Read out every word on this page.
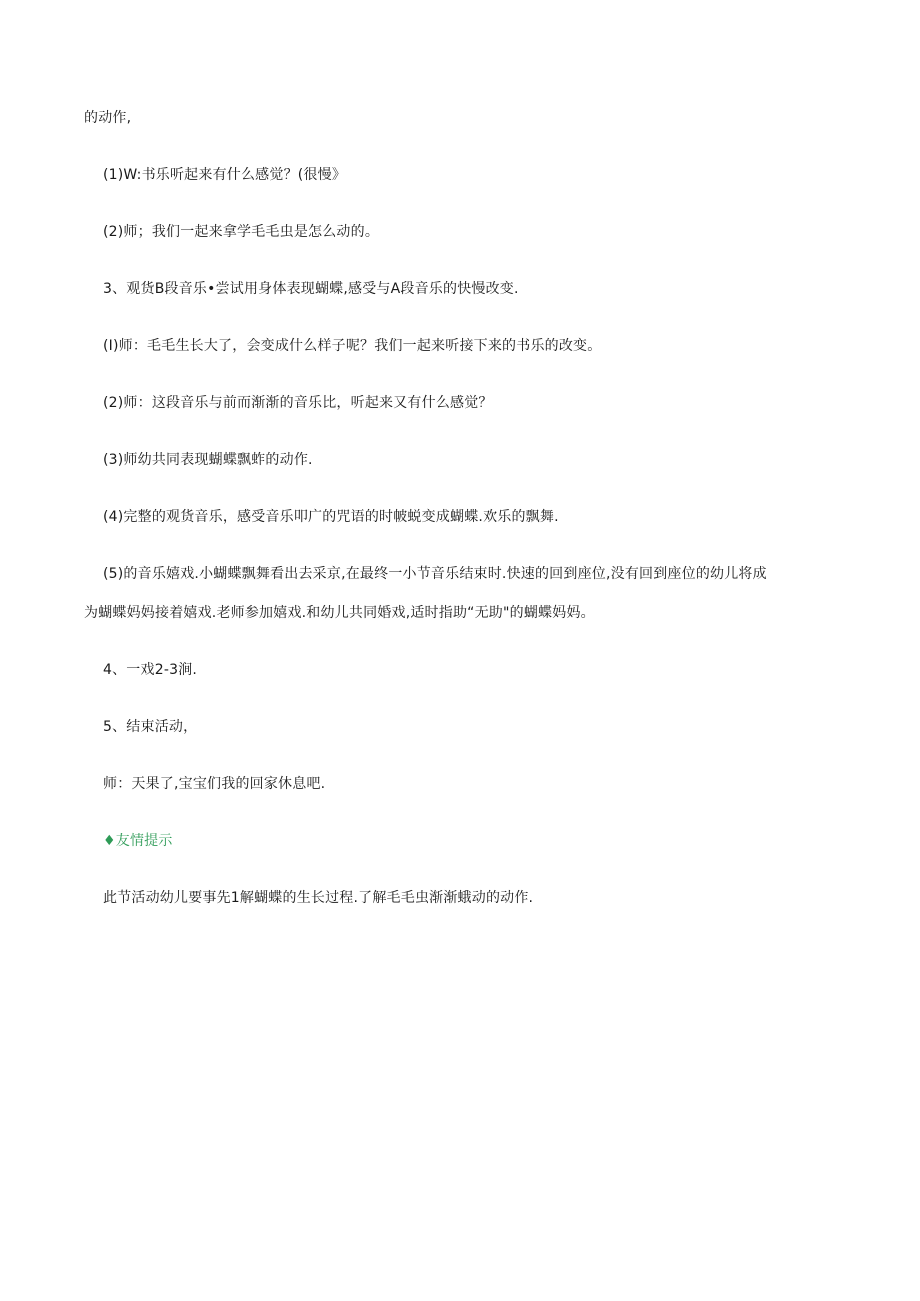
的动作,
(1)W:书乐听起来有什么感觉？(很慢》
(2)师；我们一起来拿学毛毛虫是怎么动的。
3、观货B段音乐•尝试用身体表现蝴蝶,感受与A段音乐的快慢改变.
(I)师：毛毛生长大了，会变成什么样子呢？我们一起来听接下来的书乐的改变。
(2)师：这段音乐与前而渐渐的音乐比，听起来又有什么感觉？
(3)师幼共同表现蝴蝶飘蚱的动作.
(4)完整的观货音乐，感受音乐叩广的咒语的时帔蜕变成蝴蝶.欢乐的飘舞.
(5)的音乐嬉戏.小蝴蝶飘舞看出去采京,在最终一小节音乐结束时.快速的回到座位,没有回到座位的幼儿将成
为蝴蝶妈妈接着嬉戏.老师参加嬉戏.和幼儿共同婚戏,适时指助“无助"的蝴蝶妈妈。
4、一戏2-3涧.
5、结束活动，
师：天果了,宝宝们我的回家休息吧.
♦友情提示
此节活动幼儿要事先1解蝴蝶的生长过程.了解毛毛虫渐渐蛾动的动作.
